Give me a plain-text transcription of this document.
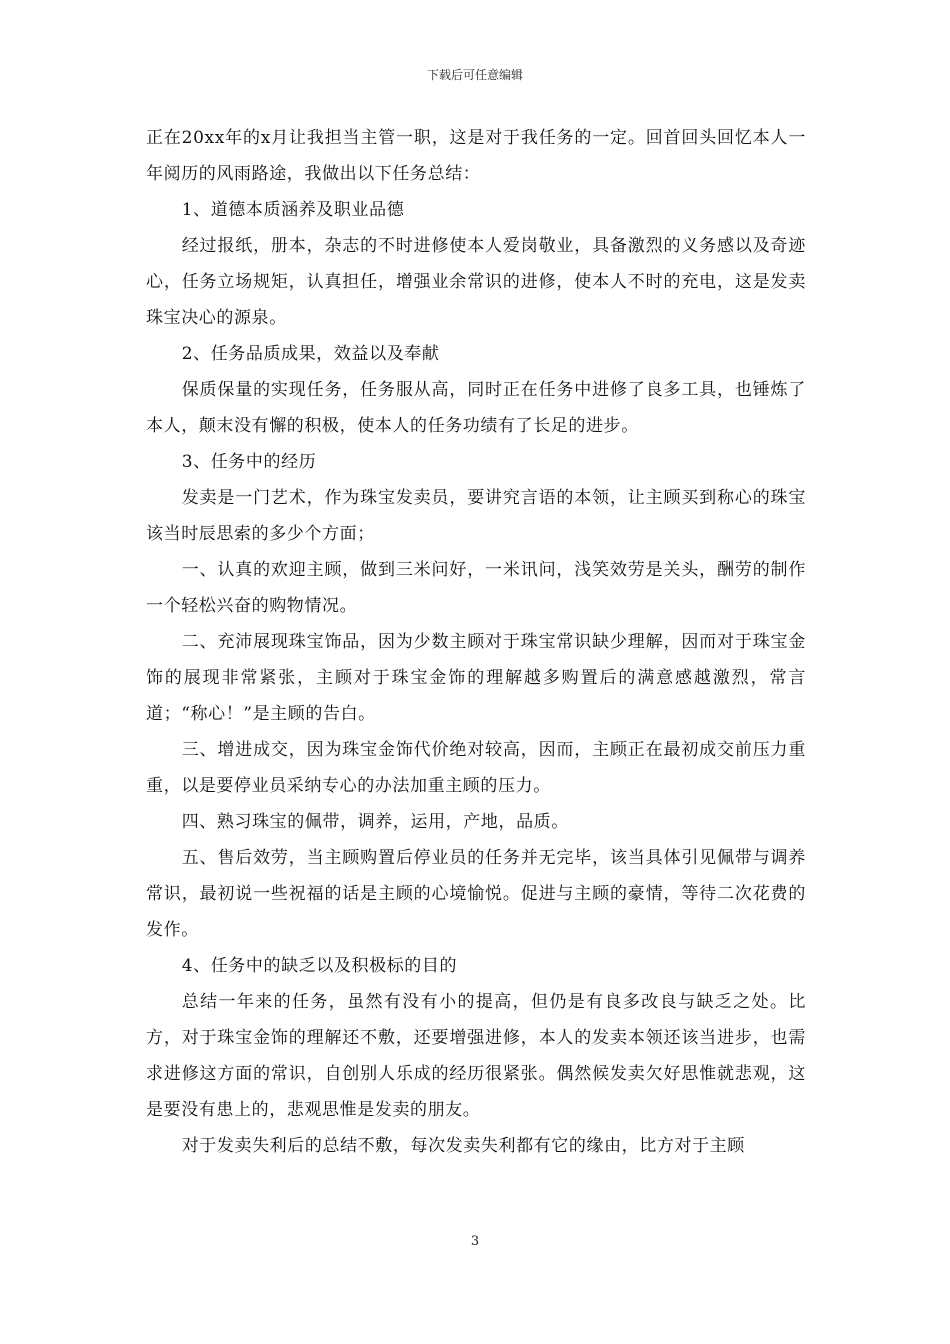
下载后可任意编辑

正在20xx年的x月让我担当主管一职，这是对于我任务的一定。回首回头回忆本人一年阅历的风雨路途，我做出以下任务总结：

1、道德本质涵养及职业品德

经过报纸，册本，杂志的不时进修使本人爱岗敬业，具备激烈的义务感以及奇迹心，任务立场规矩，认真担任，增强业余常识的进修，使本人不时的充电，这是发卖珠宝决心的源泉。

2、任务品质成果，效益以及奉献

保质保量的实现任务，任务服从高，同时正在任务中进修了良多工具，也锤炼了本人，颠末没有懈的积极，使本人的任务功绩有了长足的进步。

3、任务中的经历

发卖是一门艺术，作为珠宝发卖员，要讲究言语的本领，让主顾买到称心的珠宝该当时辰思索的多少个方面；

一、认真的欢迎主顾，做到三米问好，一米讯问，浅笑效劳是关头，酬劳的制作一个轻松兴奋的购物情况。

二、充沛展现珠宝饰品，因为少数主顾对于珠宝常识缺少理解，因而对于珠宝金饰的展现非常紧张，主顾对于珠宝金饰的理解越多购置后的满意感越激烈，常言道；“称心！”是主顾的告白。

三、增进成交，因为珠宝金饰代价绝对较高，因而，主顾正在最初成交前压力重重，以是要停业员采纳专心的办法加重主顾的压力。

四、熟习珠宝的佩带，调养，运用，产地，品质。

五、售后效劳，当主顾购置后停业员的任务并无完毕，该当具体引见佩带与调养常识，最初说一些祝福的话是主顾的心境愉悦。促进与主顾的豪情，等待二次花费的发作。

4、任务中的缺乏以及积极标的目的

总结一年来的任务，虽然有没有小的提高，但仍是有良多改良与缺乏之处。比方，对于珠宝金饰的理解还不敷，还要增强进修，本人的发卖本领还该当进步，也需求进修这方面的常识，自创别人乐成的经历很紧张。偶然候发卖欠好思惟就悲观，这是要没有患上的，悲观思惟是发卖的朋友。

对于发卖失利后的总结不敷，每次发卖失利都有它的缘由，比方对于主顾

3
